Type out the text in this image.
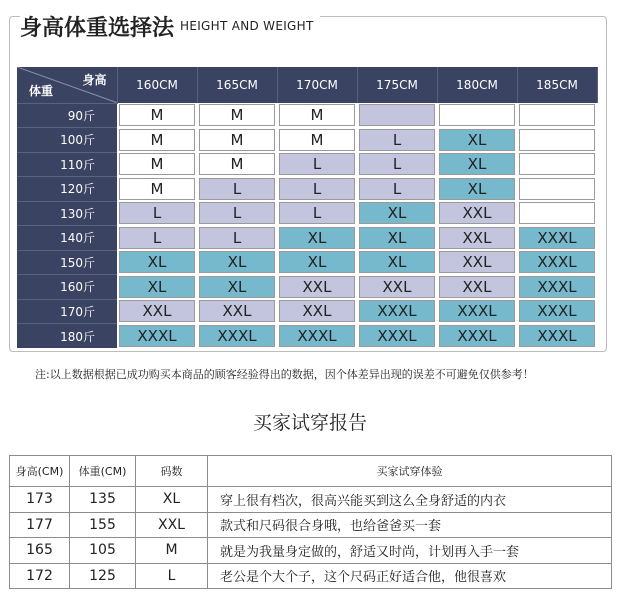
身高体重选择法 HEIGHT AND WEIGHT
身高
体重	160CM	165CM	170CM	175CM	180CM	185CM
90斤	M	M	M			

100斤	M	M	M	L	XL	

110斤	M	M	L	L	XL	

120斤	M	L	L	L	XL	

130斤	L	L	L	XL	XXL	

140斤	L	L	XL	XL	XXL	XXXL

150斤	XL	XL	XL	XL	XXL	XXXL

160斤	XL	XL	XXL	XXL	XXL	XXXL

170斤	XXL	XXL	XXL	XXXL	XXXL	XXXL

180斤	XXXL	XXXL	XXXL	XXXL	XXXL	XXXL
注:以上数据根据已成功购买本商品的顾客经验得出的数据，因个体差异出现的误差不可避免仅供参考！
买家试穿报告
身高(CM)	体重(CM)	码数	买家试穿体验
173	135	XL	穿上很有档次，很高兴能买到这么全身舒适的内衣
177	155	XXL	款式和尺码很合身哦，也给爸爸买一套
165	105	M	就是为我量身定做的，舒适又时尚，计划再入手一套
172	125	L	老公是个大个子，这个尺码正好适合他，他很喜欢
